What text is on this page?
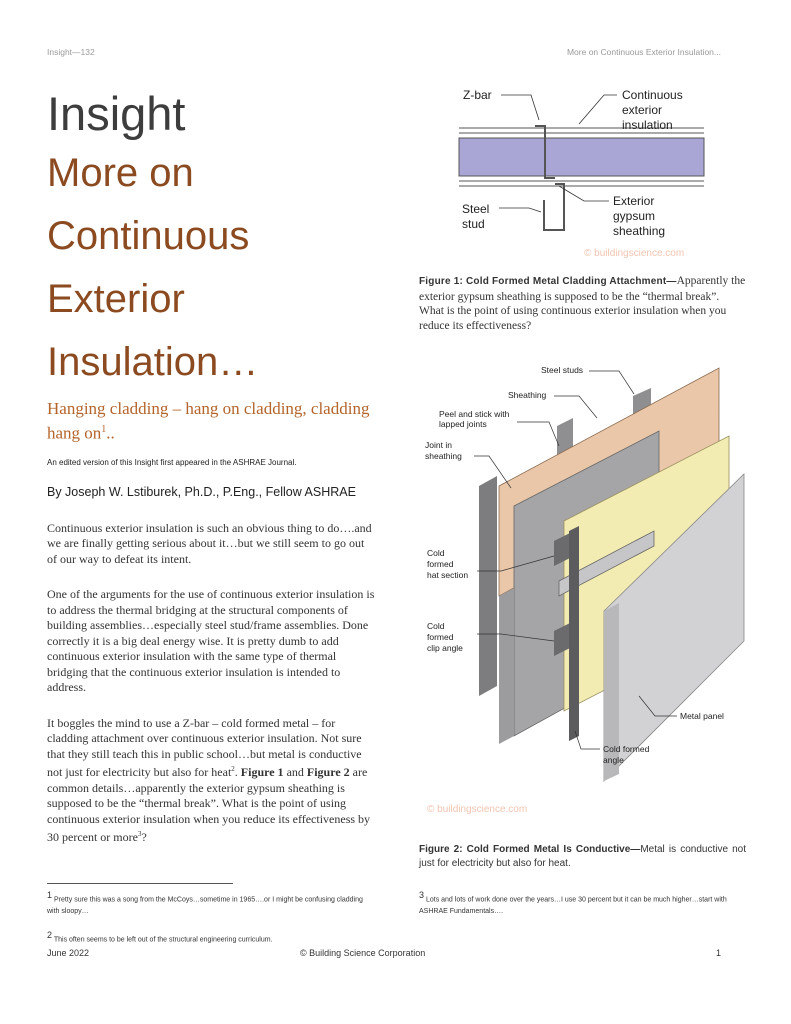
Insight—132	More on Continuous Exterior Insulation...
Insight
More on
Continuous
Exterior
Insulation…
Hanging cladding – hang on cladding, cladding hang $on^1$..
An edited version of this Insight first appeared in the ASHRAE Journal.
By Joseph W. Lstiburek, Ph.D., P.Eng., Fellow ASHRAE
Continuous exterior insulation is such an obvious thing to do….and we are finally getting serious about it…but we still seem to go out of our way to defeat its intent.
One of the arguments for the use of continuous exterior insulation is to address the thermal bridging at the structural components of building assemblies…especially steel stud/frame assemblies. Done correctly it is a big deal energy wise. It is pretty dumb to add continuous exterior insulation with the same type of thermal bridging that the continuous exterior insulation is intended to address.
It boggles the mind to use a Z-bar – cold formed metal – for cladding attachment over continuous exterior insulation. Not sure that they still teach this in public school…but metal is conductive not just for electricity but also for heat$^2$. Figure 1 and Figure 2 are common details…apparently the exterior gypsum sheathing is supposed to be the “thermal break”. What is the point of using continuous exterior insulation when you reduce its effectiveness by 30 percent or more$^3$?
Z-bar	Continuous
exterior
insulation
Exterior
gypsum
sheathing
Steel
stud
© buildingscience.com
Figure 1: Cold Formed Metal Cladding Attachment—Apparently the exterior gypsum sheathing is supposed to be the “thermal break”. What is the point of using continuous exterior insulation when you reduce its effectiveness?
Steel studs
Sheathing
Peel and stick with
lapped joints
Joint in
sheathing
Cold
formed
hat section
Cold
formed
clip angle
Metal panel
Cold formed
angle
© buildingscience.com
Figure 2: Cold Formed Metal Is Conductive—Metal is conductive not just for electricity but also for heat.
$^1$ Pretty sure this was a song from the McCoys…sometime in 1965….or I might be confusing cladding with sloopy…
$^2$ This often seems to be left out of the structural engineering curriculum.
$^3$ Lots and lots of work done over the years…I use 30 percent but it can be much higher…start with ASHRAE Fundamentals….
June 2022	© Building Science Corporation	1
